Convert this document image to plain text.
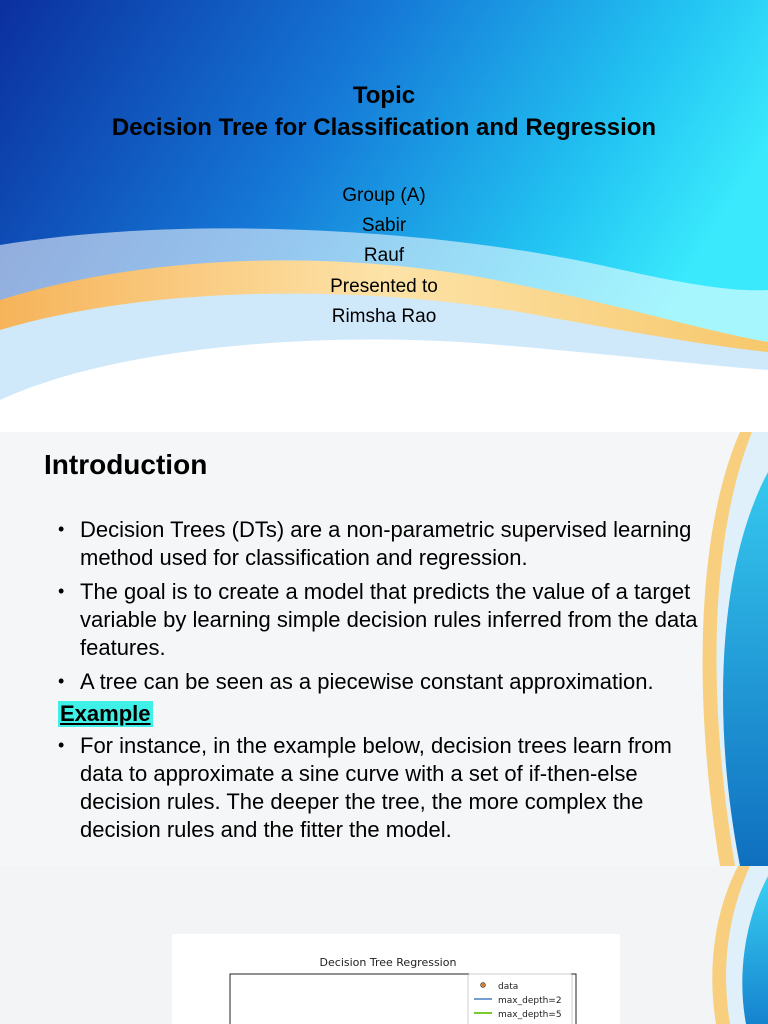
Topic
Decision Tree for Classification and Regression
Group (A)
Sabir
Rauf
Presented to
Rimsha Rao
Introduction
• Decision Trees (DTs) are a non-parametric supervised learning method used for classification and regression.
• The goal is to create a model that predicts the value of a target variable by learning simple decision rules inferred from the data features.
• A tree can be seen as a piecewise constant approximation.
Example
• For instance, in the example below, decision trees learn from data to approximate a sine curve with a set of if-then-else decision rules. The deeper the tree, the more complex the decision rules and the fitter the model.
Decision Tree Regression
data
max_depth=2
max_depth=5
